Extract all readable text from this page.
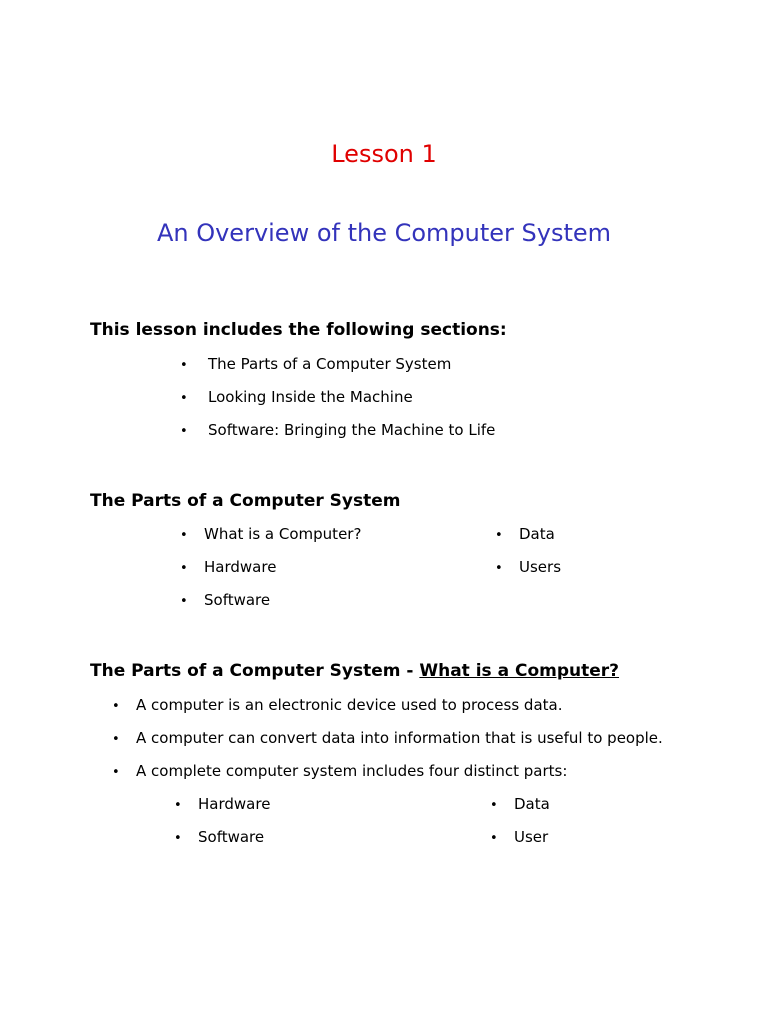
Lesson 1
An Overview of the Computer System
This lesson includes the following sections:
• The Parts of a Computer System
• Looking Inside the Machine
• Software: Bringing the Machine to Life
The Parts of a Computer System
• What is a Computer?
• Hardware
• Software
• Data
• Users
The Parts of a Computer System - What is a Computer?
• A computer is an electronic device used to process data.
• A computer can convert data into information that is useful to people.
• A complete computer system includes four distinct parts:
• Hardware
• Software
• Data
• User
